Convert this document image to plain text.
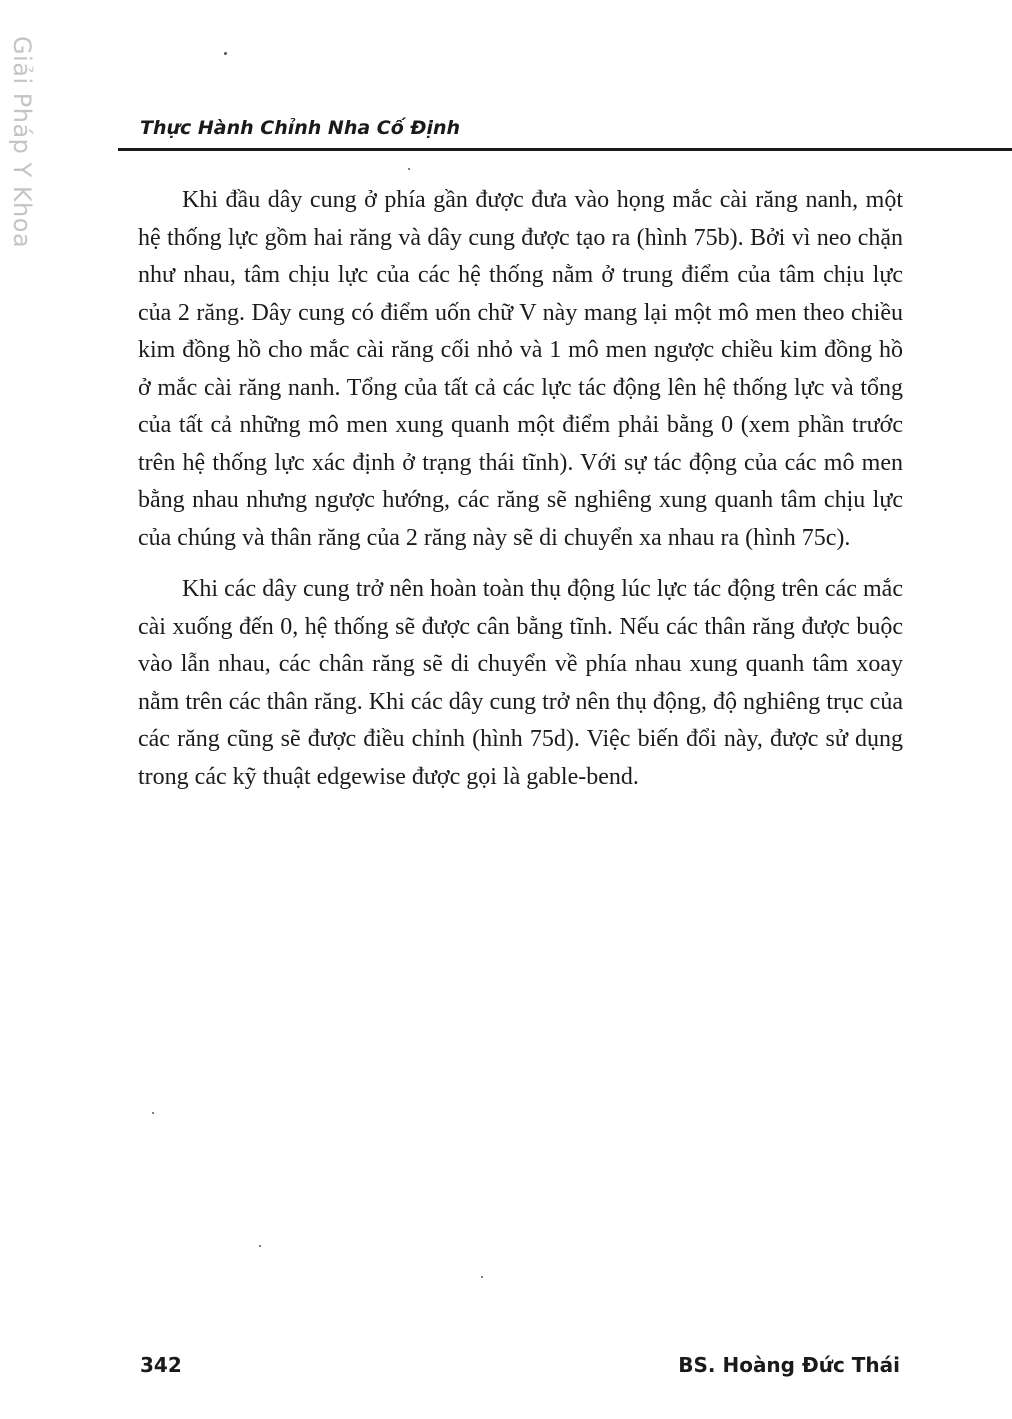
Giải Pháp Y Khoa	Thực Hành Chỉnh Nha Cố Định

Khi đầu dây cung ở phía gần được đưa vào họng mắc cài răng nanh, một hệ thống lực gồm hai răng và dây cung được tạo ra (hình 75b). Bởi vì neo chặn như nhau, tâm chịu lực của các hệ thống nằm ở trung điểm của tâm chịu lực của 2 răng. Dây cung có điểm uốn chữ V này mang lại một mô men theo chiều kim đồng hồ cho mắc cài răng cối nhỏ và 1 mô men ngược chiều kim đồng hồ ở mắc cài răng nanh. Tổng của tất cả các lực tác động lên hệ thống lực và tổng của tất cả những mô men xung quanh một điểm phải bằng 0 (xem phần trước trên hệ thống lực xác định ở trạng thái tĩnh). Với sự tác động của các mô men bằng nhau nhưng ngược hướng, các răng sẽ nghiêng xung quanh tâm chịu lực của chúng và thân răng của 2 răng này sẽ di chuyển xa nhau ra (hình 75c).

Khi các dây cung trở nên hoàn toàn thụ động lúc lực tác động trên các mắc cài xuống đến 0, hệ thống sẽ được cân bằng tĩnh. Nếu các thân răng được buộc vào lẫn nhau, các chân răng sẽ di chuyển về phía nhau xung quanh tâm xoay nằm trên các thân răng. Khi các dây cung trở nên thụ động, độ nghiêng trục của các răng cũng sẽ được điều chỉnh (hình 75d). Việc biến đổi này, được sử dụng trong các kỹ thuật edgewise được gọi là gable-bend.

342	BS. Hoàng Đức Thái
